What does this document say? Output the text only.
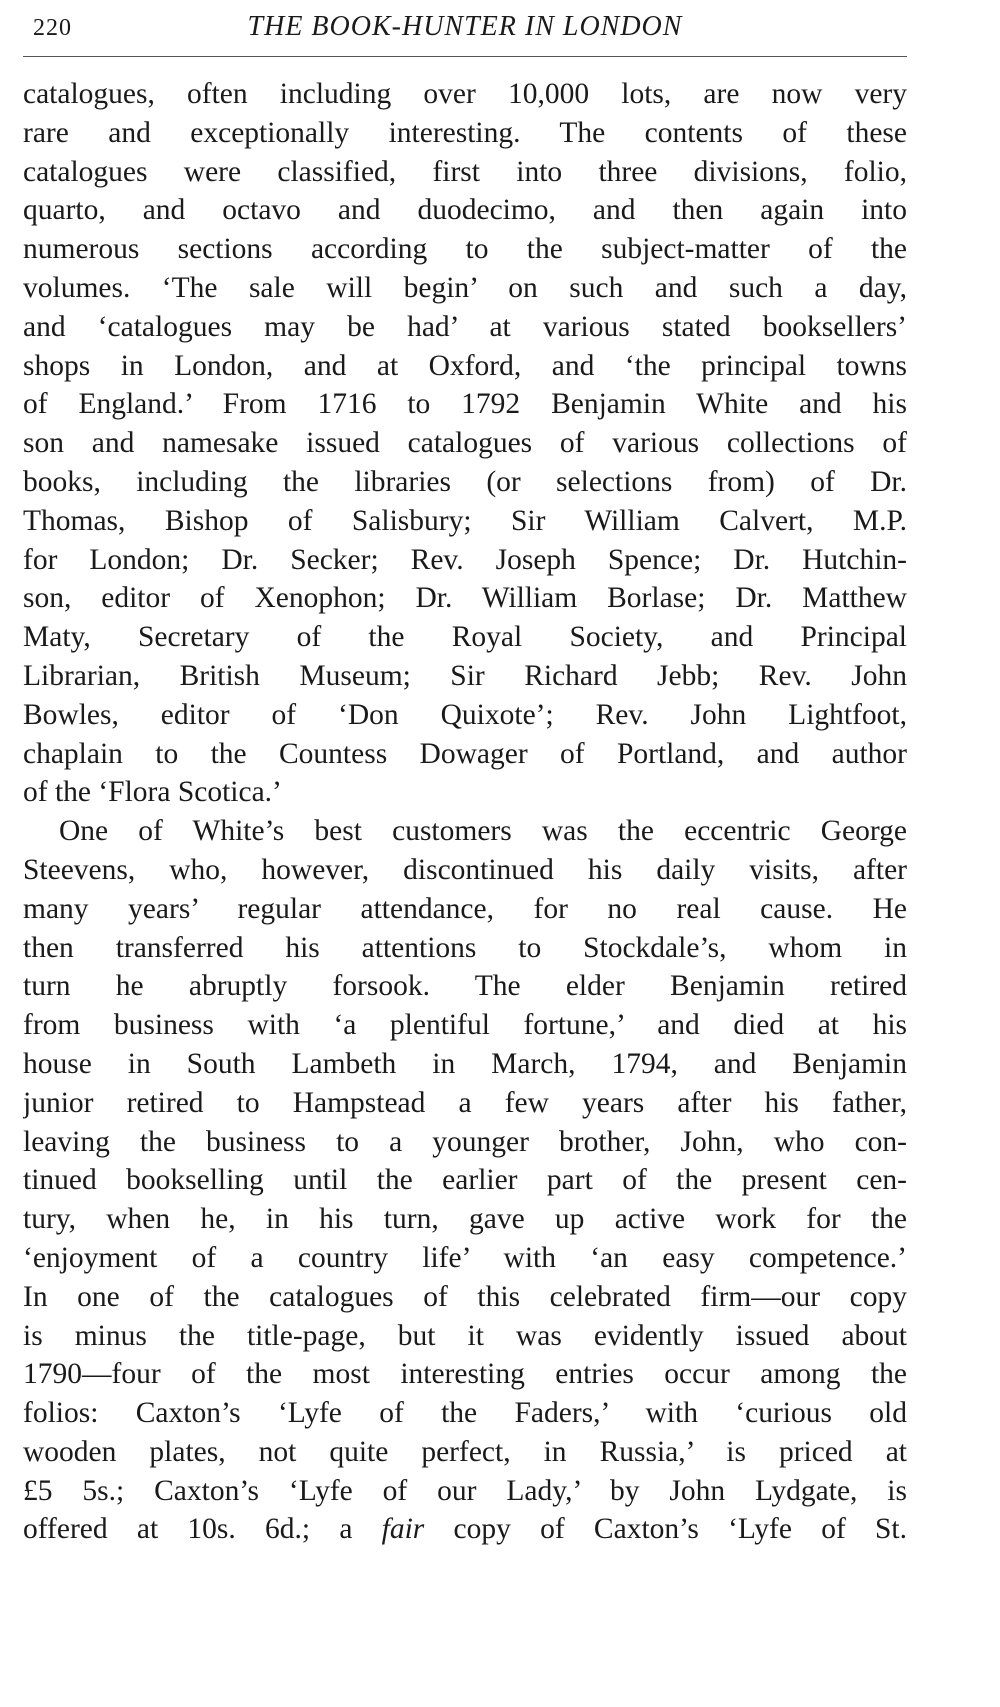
220	THE BOOK-HUNTER IN LONDON
catalogues, often including over 10,000 lots, are now very
rare and exceptionally interesting. The contents of these
catalogues were classified, first into three divisions, folio,
quarto, and octavo and duodecimo, and then again into
numerous sections according to the subject-matter of the
volumes. ‘The sale will begin’ on such and such a day,
and ‘catalogues may be had’ at various stated booksellers’
shops in London, and at Oxford, and ‘the principal towns
of England.’ From 1716 to 1792 Benjamin White and his
son and namesake issued catalogues of various collections of
books, including the libraries (or selections from) of Dr.
Thomas, Bishop of Salisbury; Sir William Calvert, M.P.
for London; Dr. Secker; Rev. Joseph Spence; Dr. Hutchin-
son, editor of Xenophon; Dr. William Borlase; Dr. Matthew
Maty, Secretary of the Royal Society, and Principal
Librarian, British Museum; Sir Richard Jebb; Rev. John
Bowles, editor of ‘Don Quixote’; Rev. John Lightfoot,
chaplain to the Countess Dowager of Portland, and author
of the ‘Flora Scotica.’
One of White’s best customers was the eccentric George
Steevens, who, however, discontinued his daily visits, after
many years’ regular attendance, for no real cause. He
then transferred his attentions to Stockdale’s, whom in
turn he abruptly forsook. The elder Benjamin retired
from business with ‘a plentiful fortune,’ and died at his
house in South Lambeth in March, 1794, and Benjamin
junior retired to Hampstead a few years after his father,
leaving the business to a younger brother, John, who con-
tinued bookselling until the earlier part of the present cen-
tury, when he, in his turn, gave up active work for the
‘enjoyment of a country life’ with ‘an easy competence.’
In one of the catalogues of this celebrated firm—our copy
is minus the title-page, but it was evidently issued about
1790—four of the most interesting entries occur among the
folios: Caxton’s ‘Lyfe of the Faders,’ with ‘curious old
wooden plates, not quite perfect, in Russia,’ is priced at
£5 5s.; Caxton’s ‘Lyfe of our Lady,’ by John Lydgate, is
offered at 10s. 6d.; a fair copy of Caxton’s ‘Lyfe of St.
